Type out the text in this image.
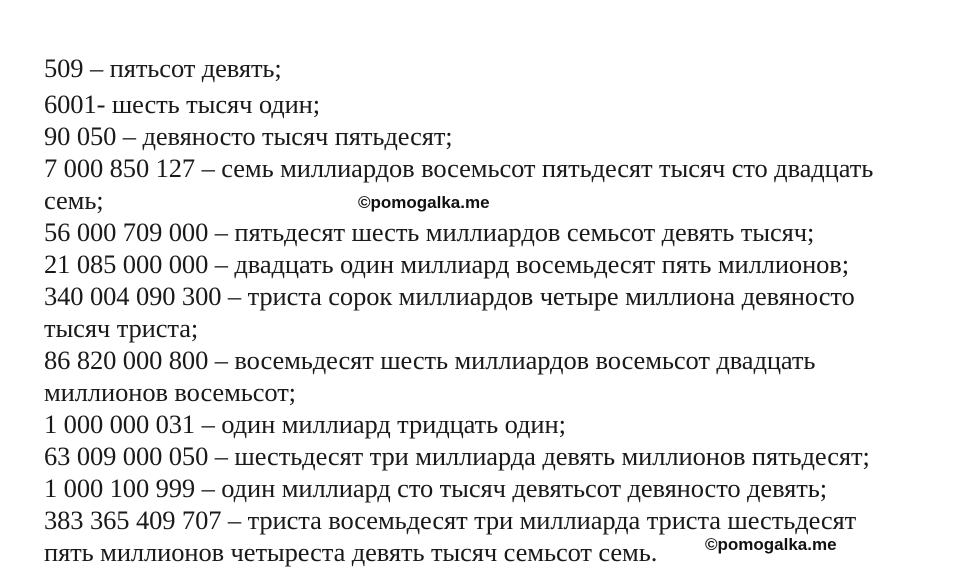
509 – пятьсот девять;
6001- шесть тысяч один;
90 050 – девяносто тысяч пятьдесят;
7 000 850 127 – семь миллиардов восемьсот пятьдесят тысяч сто двадцать
семь;
56 000 709 000 – пятьдесят шесть миллиардов семьсот девять тысяч;
21 085 000 000 – двадцать один миллиард восемьдесят пять миллионов;
340 004 090 300 – триста сорок миллиардов четыре миллиона девяносто
тысяч триста;
86 820 000 800 – восемьдесят шесть миллиардов восемьсот двадцать
миллионов восемьсот;
1 000 000 031 – один миллиард тридцать один;
63 009 000 050 – шестьдесят три миллиарда девять миллионов пятьдесят;
1 000 100 999 – один миллиард сто тысяч девятьсот девяносто девять;
383 365 409 707 – триста восемьдесят три миллиарда триста шестьдесят
пять миллионов четыреста девять тысяч семьсот семь.
©pomogalka.me
©pomogalka.me
